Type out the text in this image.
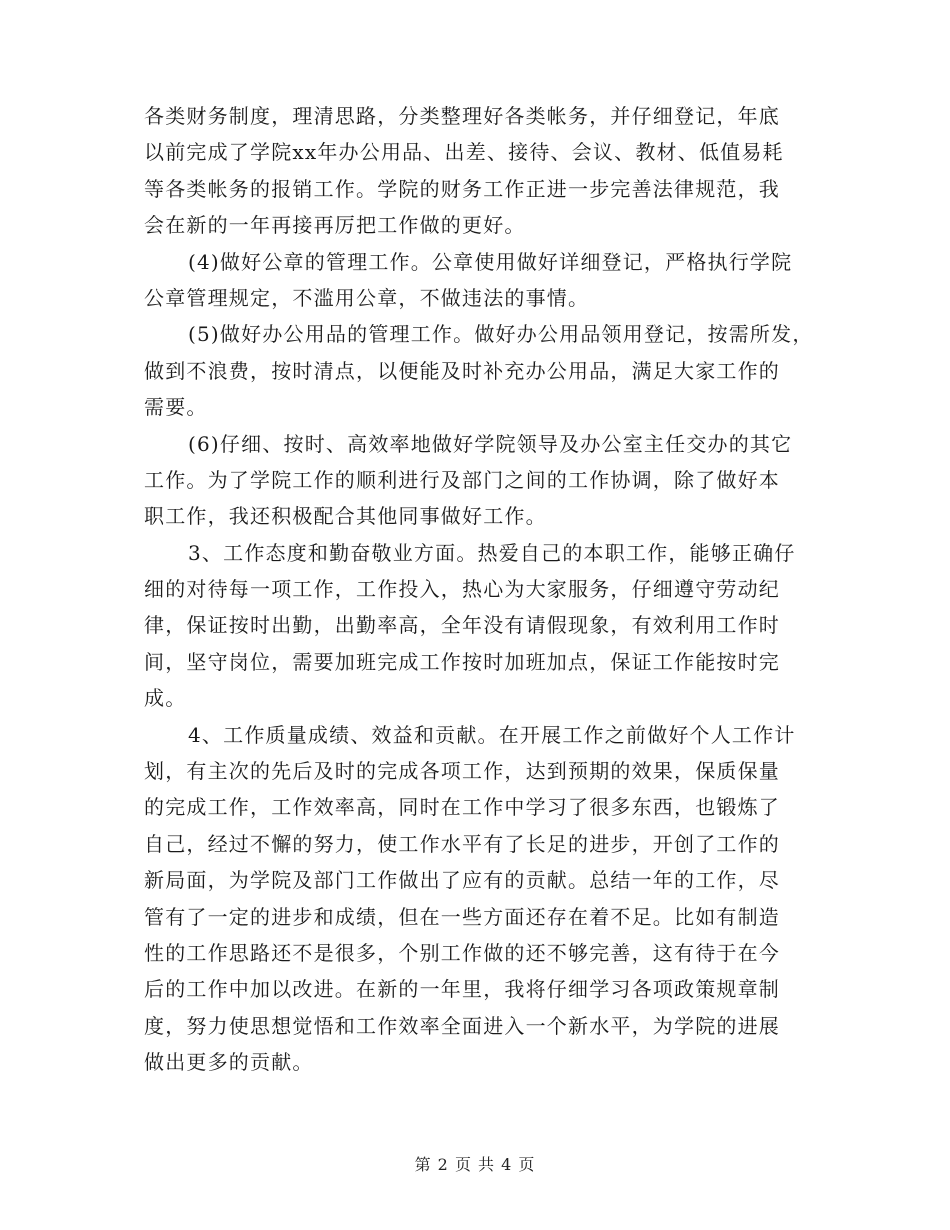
各类财务制度，理清思路，分类整理好各类帐务，并仔细登记，年底
以前完成了学院xx年办公用品、出差、接待、会议、教材、低值易耗
等各类帐务的报销工作。学院的财务工作正进一步完善法律规范，我
会在新的一年再接再厉把工作做的更好。
(4)做好公章的管理工作。公章使用做好详细登记，严格执行学院
公章管理规定，不滥用公章，不做违法的事情。
(5)做好办公用品的管理工作。做好办公用品领用登记，按需所发，
做到不浪费，按时清点，以便能及时补充办公用品，满足大家工作的
需要。
(6)仔细、按时、高效率地做好学院领导及办公室主任交办的其它
工作。为了学院工作的顺利进行及部门之间的工作协调，除了做好本
职工作，我还积极配合其他同事做好工作。
3、工作态度和勤奋敬业方面。热爱自己的本职工作，能够正确仔
细的对待每一项工作，工作投入，热心为大家服务，仔细遵守劳动纪
律，保证按时出勤，出勤率高，全年没有请假现象，有效利用工作时
间，坚守岗位，需要加班完成工作按时加班加点，保证工作能按时完
成。
4、工作质量成绩、效益和贡献。在开展工作之前做好个人工作计
划，有主次的先后及时的完成各项工作，达到预期的效果，保质保量
的完成工作，工作效率高，同时在工作中学习了很多东西，也锻炼了
自己，经过不懈的努力，使工作水平有了长足的进步，开创了工作的
新局面，为学院及部门工作做出了应有的贡献。总结一年的工作，尽
管有了一定的进步和成绩，但在一些方面还存在着不足。比如有制造
性的工作思路还不是很多，个别工作做的还不够完善，这有待于在今
后的工作中加以改进。在新的一年里，我将仔细学习各项政策规章制
度，努力使思想觉悟和工作效率全面进入一个新水平，为学院的进展
做出更多的贡献。
第 2 页 共 4 页
